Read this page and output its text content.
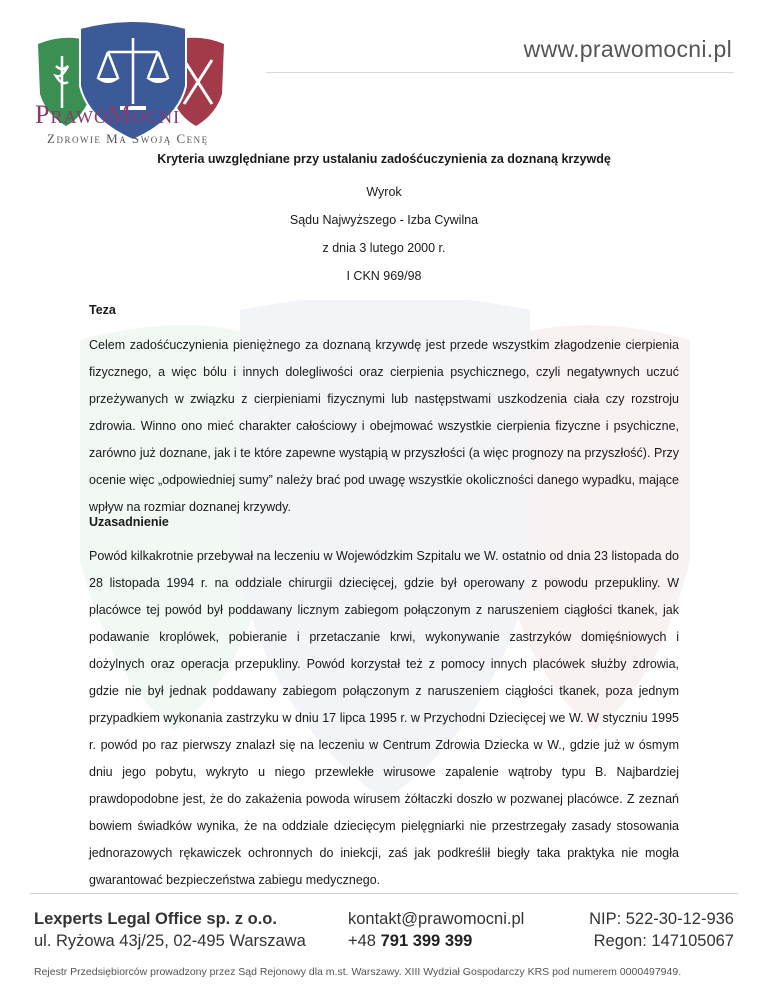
PrawoMocni
Zdrowie Ma Swoją Cenę
www.prawomocni.pl
Kryteria uwzględniane przy ustalaniu zadośćuczynienia za doznaną krzywdę
Wyrok
Sądu Najwyższego - Izba Cywilna
z dnia 3 lutego 2000 r.
I CKN 969/98
Teza
Celem zadośćuczynienia pieniężnego za doznaną krzywdę jest przede wszystkim złagodzenie cierpienia fizycznego, a więc bólu i innych dolegliwości oraz cierpienia psychicznego, czyli negatywnych uczuć przeżywanych w związku z cierpieniami fizycznymi lub następstwami uszkodzenia ciała czy rozstroju zdrowia. Winno ono mieć charakter całościowy i obejmować wszystkie cierpienia fizyczne i psychiczne, zarówno już doznane, jak i te które zapewne wystąpią w przyszłości (a więc prognozy na przyszłość). Przy ocenie więc „odpowiedniej sumy” należy brać pod uwagę wszystkie okoliczności danego wypadku, mające wpływ na rozmiar doznanej krzywdy.
Uzasadnienie
Powód kilkakrotnie przebywał na leczeniu w Wojewódzkim Szpitalu we W. ostatnio od dnia 23 listopada do 28 listopada 1994 r. na oddziale chirurgii dziecięcej, gdzie był operowany z powodu przepukliny. W placówce tej powód był poddawany licznym zabiegom połączonym z naruszeniem ciągłości tkanek, jak podawanie kroplówek, pobieranie i przetaczanie krwi, wykonywanie zastrzyków domięśniowych i dożylnych oraz operacja przepukliny. Powód korzystał też z pomocy innych placówek służby zdrowia, gdzie nie był jednak poddawany zabiegom połączonym z naruszeniem ciągłości tkanek, poza jednym przypadkiem wykonania zastrzyku w dniu 17 lipca 1995 r. w Przychodni Dziecięcej we W. W styczniu 1995 r. powód po raz pierwszy znalazł się na leczeniu w Centrum Zdrowia Dziecka w W., gdzie już w ósmym dniu jego pobytu, wykryto u niego przewlekłe wirusowe zapalenie wątroby typu B. Najbardziej prawdopodobne jest, że do zakażenia powoda wirusem żółtaczki doszło w pozwanej placówce. Z zeznań bowiem świadków wynika, że na oddziale dziecięcym pielęgniarki nie przestrzegały zasady stosowania jednorazowych rękawiczek ochronnych do iniekcji, zaś jak podkreślił biegły taka praktyka nie mogła gwarantować bezpieczeństwa zabiegu medycznego.
Lexperts Legal Office sp. z o.o.
ul. Ryżowa 43j/25, 02-495 Warszawa
kontakt@prawomocni.pl
+48 791 399 399
NIP: 522-30-12-936
Regon: 147105067
Rejestr Przedsiębiorców prowadzony przez Sąd Rejonowy dla m.st. Warszawy. XIII Wydział Gospodarczy KRS pod numerem 0000497949.
